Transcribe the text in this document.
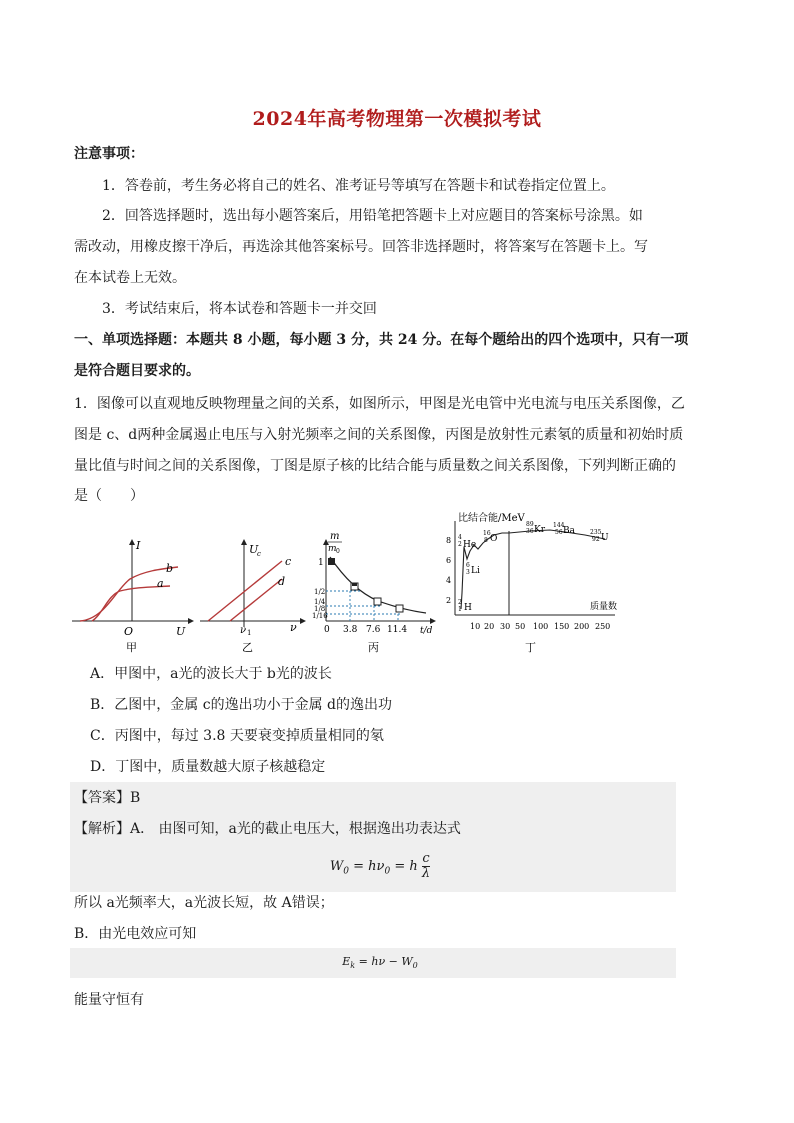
2024年高考物理第一次模拟考试
注意事项：
1．答卷前，考生务必将自己的姓名、准考证号等填写在答题卡和试卷指定位置上。
2．回答选择题时，选出每小题答案后，用铅笔把答题卡上对应题目的答案标号涂黑。如
需改动，用橡皮擦干净后，再选涂其他答案标号。回答非选择题时，将答案写在答题卡上。写
在本试卷上无效。
3．考试结束后，将本试卷和答题卡一并交回
一、单项选择题：本题共 8 小题，每小题 3 分，共 24 分。在每个题给出的四个选项中，只有一项
是符合题目要求的。
1．图像可以直观地反映物理量之间的关系，如图所示，甲图是光电管中光电流与电压关系图像，乙
图是 c、d两种金属遏止电压与入射光频率之间的关系图像，丙图是放射性元素氡的质量和初始时质
量比值与时间之间的关系图像，丁图是原子核的比结合能与质量数之间关系图像，下列判断正确的
是（　　）
I
U
O
b
a
甲
U
c
c
d
ν
ν 1
乙
m
m 0
1
1/2
1/4
1/8
1/16
0 3.8 7.6 11.4 t/d
丙
比结合能/MeV
8
6
4
2
10 20 30 50 100 150 200 250
质量数
4
2 He
6
3 Li
2
1 H
16
8 O
89
36 Kr 144
56 Ba	235
92 U
丁
A．甲图中，a光的波长大于 b光的波长
B．乙图中，金属 c的逸出功小于金属 d的逸出功
C．丙图中，每过 3.8 天要衰变掉质量相同的氡
D．丁图中，质量数越大原子核越稳定
【答案】B
【解析】A． 由图可知，a光的截止电压大，根据逸出功表达式
$W_0 = h\nu_0 = h \frac{c}{\lambda}$
所以 a光频率大，a光波长短，故 A错误；
B．由光电效应可知
$E_k = h\nu - W_0$
能量守恒有
